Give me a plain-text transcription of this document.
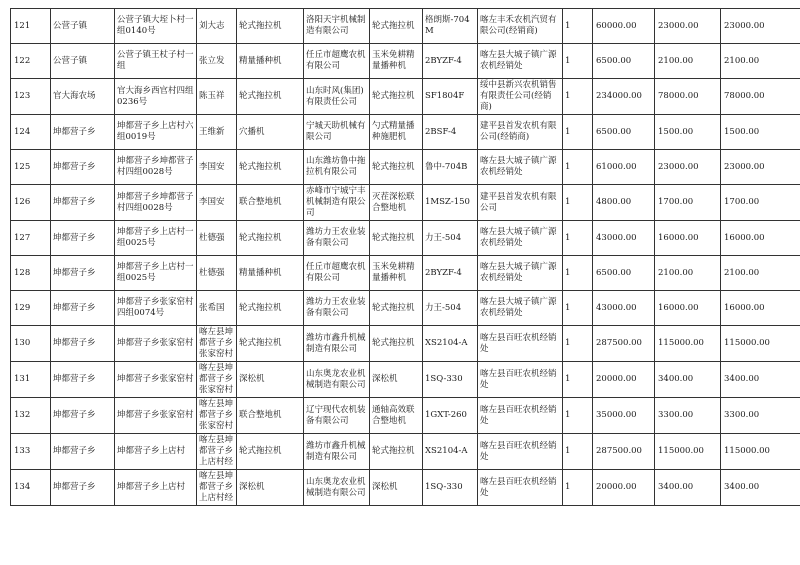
121	公营子镇	公营子镇大垤卜村一组0140号	刘大志	轮式拖拉机	洛阳天宇机械制造有限公司	轮式拖拉机	格朗斯-704M	喀左丰禾农机汽贸有限公司(经销商)	1	60000.00	23000.00	23000.00
122	公营子镇	公营子镇王杖子村一组	张立发	精量播种机	任丘市超鹰农机有限公司	玉米免耕精量播种机	2BYZF-4	喀左县大城子镇广源农机经销处	1	6500.00	2100.00	2100.00
123	官大海农场	官大海乡西官村四组0236号	陈玉祥	轮式拖拉机	山东时风(集团)有限责任公司	轮式拖拉机	SF1804F	绥中县新兴农机销售有限责任公司(经销商)	1	234000.00	78000.00	78000.00
124	坤都营子乡	坤都营子乡上店村六组0019号	王维新	穴播机	宁城天助机械有限公司	勺式精量播种施肥机	2BSF-4	建平县首发农机有限公司(经销商)	1	6500.00	1500.00	1500.00
125	坤都营子乡	坤都营子乡坤都营子村四组0028号	李国安	轮式拖拉机	山东潍坊鲁中拖拉机有限公司	轮式拖拉机	鲁中-704B	喀左县大城子镇广源农机经销处	1	61000.00	23000.00	23000.00
126	坤都营子乡	坤都营子乡坤都营子村四组0028号	李国安	联合整地机	赤峰市宁城宁丰机械制造有限公司	灭茬深松联合整地机	1MSZ-150	建平县首发农机有限公司	1	4800.00	1700.00	1700.00
127	坤都营子乡	坤都营子乡上店村一组0025号	杜德强	轮式拖拉机	潍坊力王农业装备有限公司	轮式拖拉机	力王-504	喀左县大城子镇广源农机经销处	1	43000.00	16000.00	16000.00
128	坤都营子乡	坤都营子乡上店村一组0025号	杜德强	精量播种机	任丘市超鹰农机有限公司	玉米免耕精量播种机	2BYZF-4	喀左县大城子镇广源农机经销处	1	6500.00	2100.00	2100.00
129	坤都营子乡	坤都营子乡张家窑村四组0074号	张希国	轮式拖拉机	潍坊力王农业装备有限公司	轮式拖拉机	力王-504	喀左县大城子镇广源农机经销处	1	43000.00	16000.00	16000.00
130	坤都营子乡	坤都营子乡张家窑村	喀左县坤都营子乡张家窑村	轮式拖拉机	潍坊市鑫升机械制造有限公司	轮式拖拉机	XS2104-A	喀左县百旺农机经销处	1	287500.00	115000.00	115000.00
131	坤都营子乡	坤都营子乡张家窑村	喀左县坤都营子乡张家窑村	深松机	山东奥龙农业机械制造有限公司	深松机	1SQ-330	喀左县百旺农机经销处	1	20000.00	3400.00	3400.00
132	坤都营子乡	坤都营子乡张家窑村	喀左县坤都营子乡张家窑村	联合整地机	辽宁现代农机装备有限公司	通轴高效联合整地机	1GXT-260	喀左县百旺农机经销处	1	35000.00	3300.00	3300.00
133	坤都营子乡	坤都营子乡上店村	喀左县坤都营子乡上店村经	轮式拖拉机	潍坊市鑫升机械制造有限公司	轮式拖拉机	XS2104-A	喀左县百旺农机经销处	1	287500.00	115000.00	115000.00
134	坤都营子乡	坤都营子乡上店村	喀左县坤都营子乡上店村经	深松机	山东奥龙农业机械制造有限公司	深松机	1SQ-330	喀左县百旺农机经销处	1	20000.00	3400.00	3400.00
